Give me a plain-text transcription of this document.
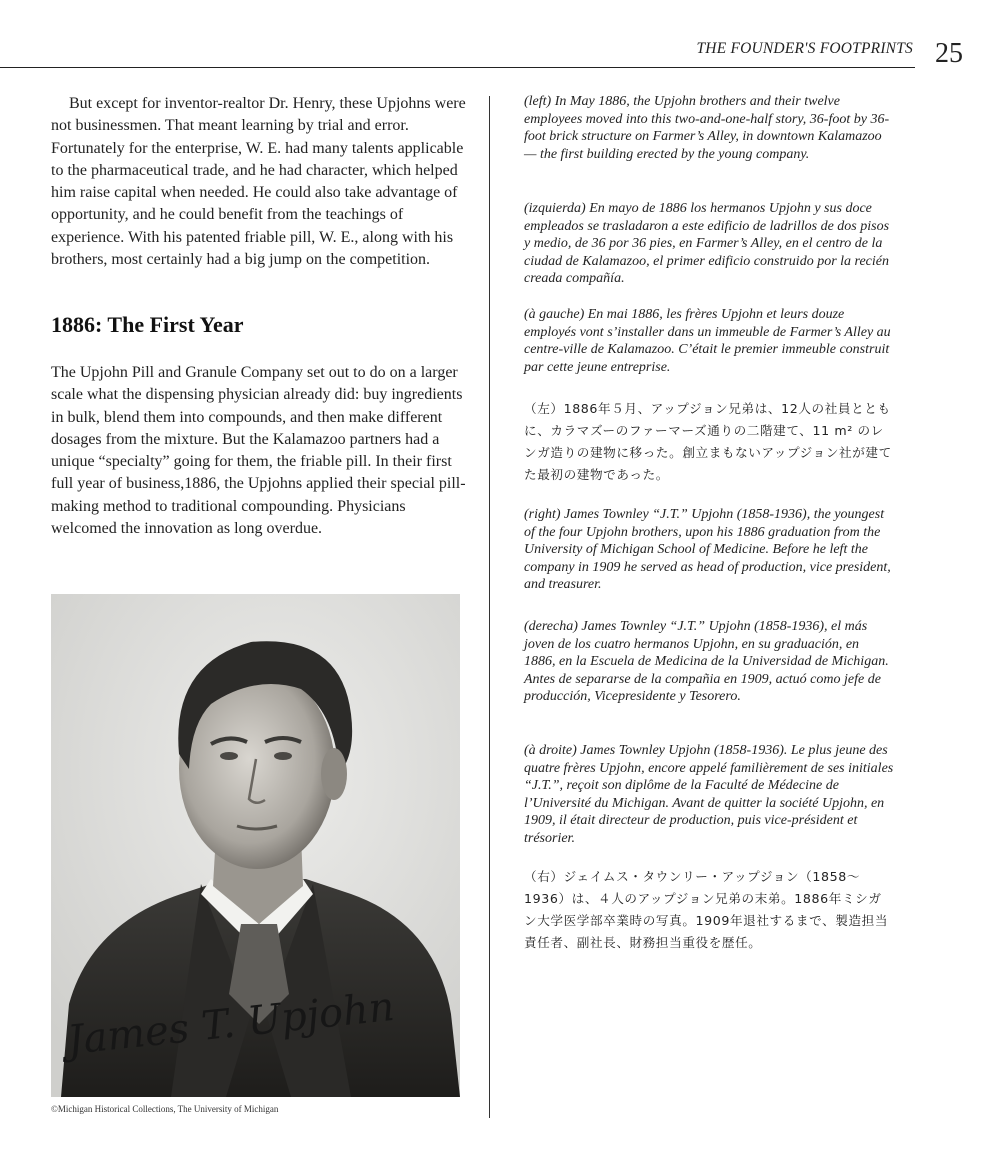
THE FOUNDER'S FOOTPRINTS 25

But except for inventor-realtor Dr. Henry, these Upjohns were not businessmen. That meant learning by trial and error. Fortunately for the enterprise, W. E. had many talents applicable to the pharmaceutical trade, and he had character, which helped him raise capital when needed. He could also take advantage of opportunity, and he could benefit from the teachings of experience. With his patented friable pill, W. E., along with his brothers, most certainly had a big jump on the competition.

1886: The First Year

The Upjohn Pill and Granule Company set out to do on a larger scale what the dispensing physician already did: buy ingredients in bulk, blend them into compounds, and then make different dosages from the mixture. But the Kalamazoo partners had a unique “specialty” going for them, the friable pill. In their first full year of business,1886, the Upjohns applied their special pill-making method to traditional compounding. Physicians welcomed the innovation as long overdue.

James T. Upjohn
©Michigan Historical Collections, The University of Michigan

(left) In May 1886, the Upjohn brothers and their twelve employees moved into this two-and-one-half story, 36-foot by 36-foot brick structure on Farmer’s Alley, in downtown Kalamazoo — the first building erected by the young company.

(izquierda) En mayo de 1886 los hermanos Upjohn y sus doce empleados se trasladaron a este edificio de ladrillos de dos pisos y medio, de 36 por 36 pies, en Farmer’s Alley, en el centro de la ciudad de Kalamazoo, el primer edificio construido por la recién creada compañía.

(à gauche) En mai 1886, les frères Upjohn et leurs douze employés vont s’installer dans un immeuble de Farmer’s Alley au centre-ville de Kalamazoo. C’était le premier immeuble construit par cette jeune entreprise.

（左）1886年５月、アップジョン兄弟は、12人の社員とともに、カラマズーのファーマーズ通りの二階建て、11 m² のレンガ造りの建物に移った。創立まもないアップジョン社が建てた最初の建物であった。

(right) James Townley “J.T.” Upjohn (1858-1936), the youngest of the four Upjohn brothers, upon his 1886 graduation from the University of Michigan School of Medicine. Before he left the company in 1909 he served as head of production, vice president, and treasurer.

(derecha) James Townley “J.T.” Upjohn (1858-1936), el más joven de los cuatro hermanos Upjohn, en su graduación, en 1886, en la Escuela de Medicina de la Universidad de Michigan. Antes de separarse de la compañia en 1909, actuó como jefe de producción, Vicepresidente y Tesorero.

(à droite) James Townley Upjohn (1858-1936). Le plus jeune des quatre frères Upjohn, encore appelé familièrement de ses initiales “J.T.”, reçoit son diplôme de la Faculté de Médecine de l’Université du Michigan. Avant de quitter la société Upjohn, en 1909, il était directeur de production, puis vice-président et trésorier.

（右）ジェイムス・タウンリー・アップジョン（1858〜1936）は、４人のアップジョン兄弟の末弟。1886年ミシガン大学医学部卒業時の写真。1909年退社するまで、製造担当責任者、副社長、財務担当重役を歴任。
